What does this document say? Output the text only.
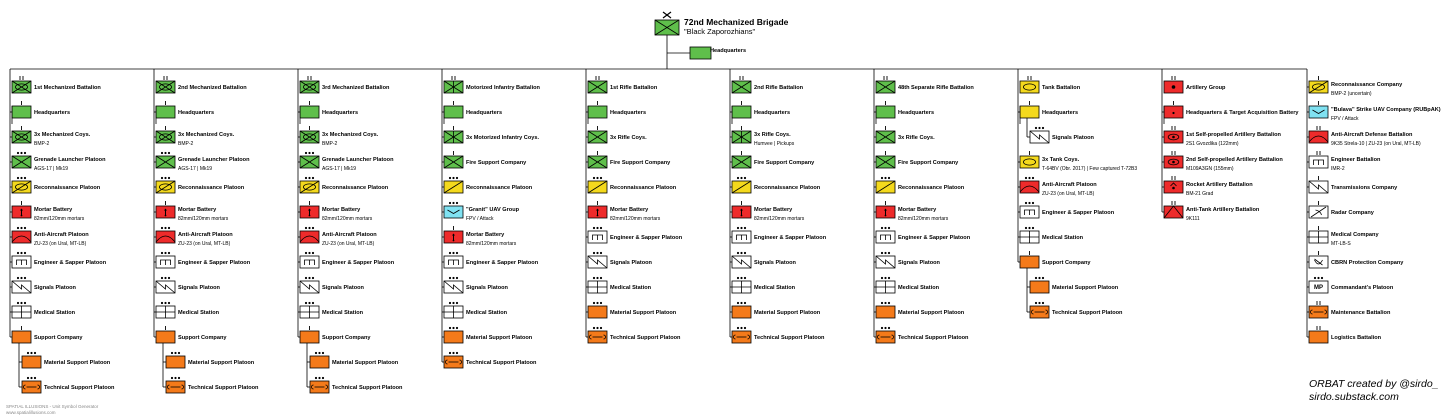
MP
1st Mechanized Battalion
Headquarters
3x Mechanized Coys.
BMP-2
Grenade Launcher Platoon
AGS-17 | Mk19
Reconnaissance Platoon
Mortar Battery
82mm/120mm mortars
Anti-Aircraft Platoon
ZU-23 (on Ural, MT-LB)
Engineer & Sapper Platoon
Signals Platoon
Medical Station
Support Company
Material Support Platoon
Technical Support Platoon
2nd Mechanized Battalion
Headquarters
3x Mechanized Coys.
BMP-2
Grenade Launcher Platoon
AGS-17 | Mk19
Reconnaissance Platoon
Mortar Battery
82mm/120mm mortars
Anti-Aircraft Platoon
ZU-23 (on Ural, MT-LB)
Engineer & Sapper Platoon
Signals Platoon
Medical Station
Support Company
Material Support Platoon
Technical Support Platoon
3rd Mechanized Battalion
Headquarters
3x Mechanized Coys.
BMP-2
Grenade Launcher Platoon
AGS-17 | Mk19
Reconnaissance Platoon
Mortar Battery
82mm/120mm mortars
Anti-Aircraft Platoon
ZU-23 (on Ural, MT-LB)
Engineer & Sapper Platoon
Signals Platoon
Medical Station
Support Company
Material Support Platoon
Technical Support Platoon
Motorized Infantry Battalion
Headquarters
3x Motorized Infantry Coys.
Fire Support Company
Reconnaissance Platoon
"Granit" UAV Group
FPV / Attack
Mortar Battery
82mm/120mm mortars
Engineer & Sapper Platoon
Signals Platoon
Medical Station
Material Support Platoon
Technical Support Platoon
1st Rifle Battalion
Headquarters
3x Rifle Coys.
Fire Support Company
Reconnaissance Platoon
Mortar Battery
82mm/120mm mortars
Engineer & Sapper Platoon
Signals Platoon
Medical Station
Material Support Platoon
Technical Support Platoon
2nd Rifle Battalion
Headquarters
3x Rifle Coys.
Humvee | Pickups
Fire Support Company
Reconnaissance Platoon
Mortar Battery
82mm/120mm mortars
Engineer & Sapper Platoon
Signals Platoon
Medical Station
Material Support Platoon
Technical Support Platoon
48th Separate Rifle Battalion
Headquarters
3x Rifle Coys.
Fire Support Company
Reconnaissance Platoon
Mortar Battery
82mm/120mm mortars
Engineer & Sapper Platoon
Signals Platoon
Medical Station
Material Support Platoon
Technical Support Platoon
Tank Battalion
Headquarters
Signals Platoon
3x Tank Coys.
T-64BV (Obr. 2017) | Few captured T-72B3
Anti-Aircraft Platoon
ZU-23 (on Ural, MT-LB)
Engineer & Sapper Platoon
Medical Station
Support Company
Material Support Platoon
Technical Support Platoon
Artillery Group
Headquarters & Target Acquisition Battery
1st Self-propelled Artillery Battalion
2S1 Gvozdika (122mm)
2nd Self-propelled Artillery Battalion
M109A3GN (155mm)
Rocket Artillery Battalion
BM-21 Grad
Anti-Tank Artillery Battalion
9K111
Reconnaissance Company
BMP-2 (uncertain)
"Bulava" Strike UAV Company (RUBpAK)
FPV / Attack
Anti-Aircraft Defense Battalion
9K35 Strela-10 | ZU-23 (on Ural, MT-LB)
Engineer Battalion
IMR-2
Transmissions Company
Radar Company
Medical Company
MT-LB-S
CBRN Protection Company
Commandant's Platoon
Maintenance Battalion
Logistics Battalion
72nd Mechanized Brigade
"Black Zaporozhians"
Headquarters
ORBAT created by @sirdo_
sirdo.substack.com
SPATIAL ILLUSIONS - Unit Symbol Generator
www.spatialillusions.com
